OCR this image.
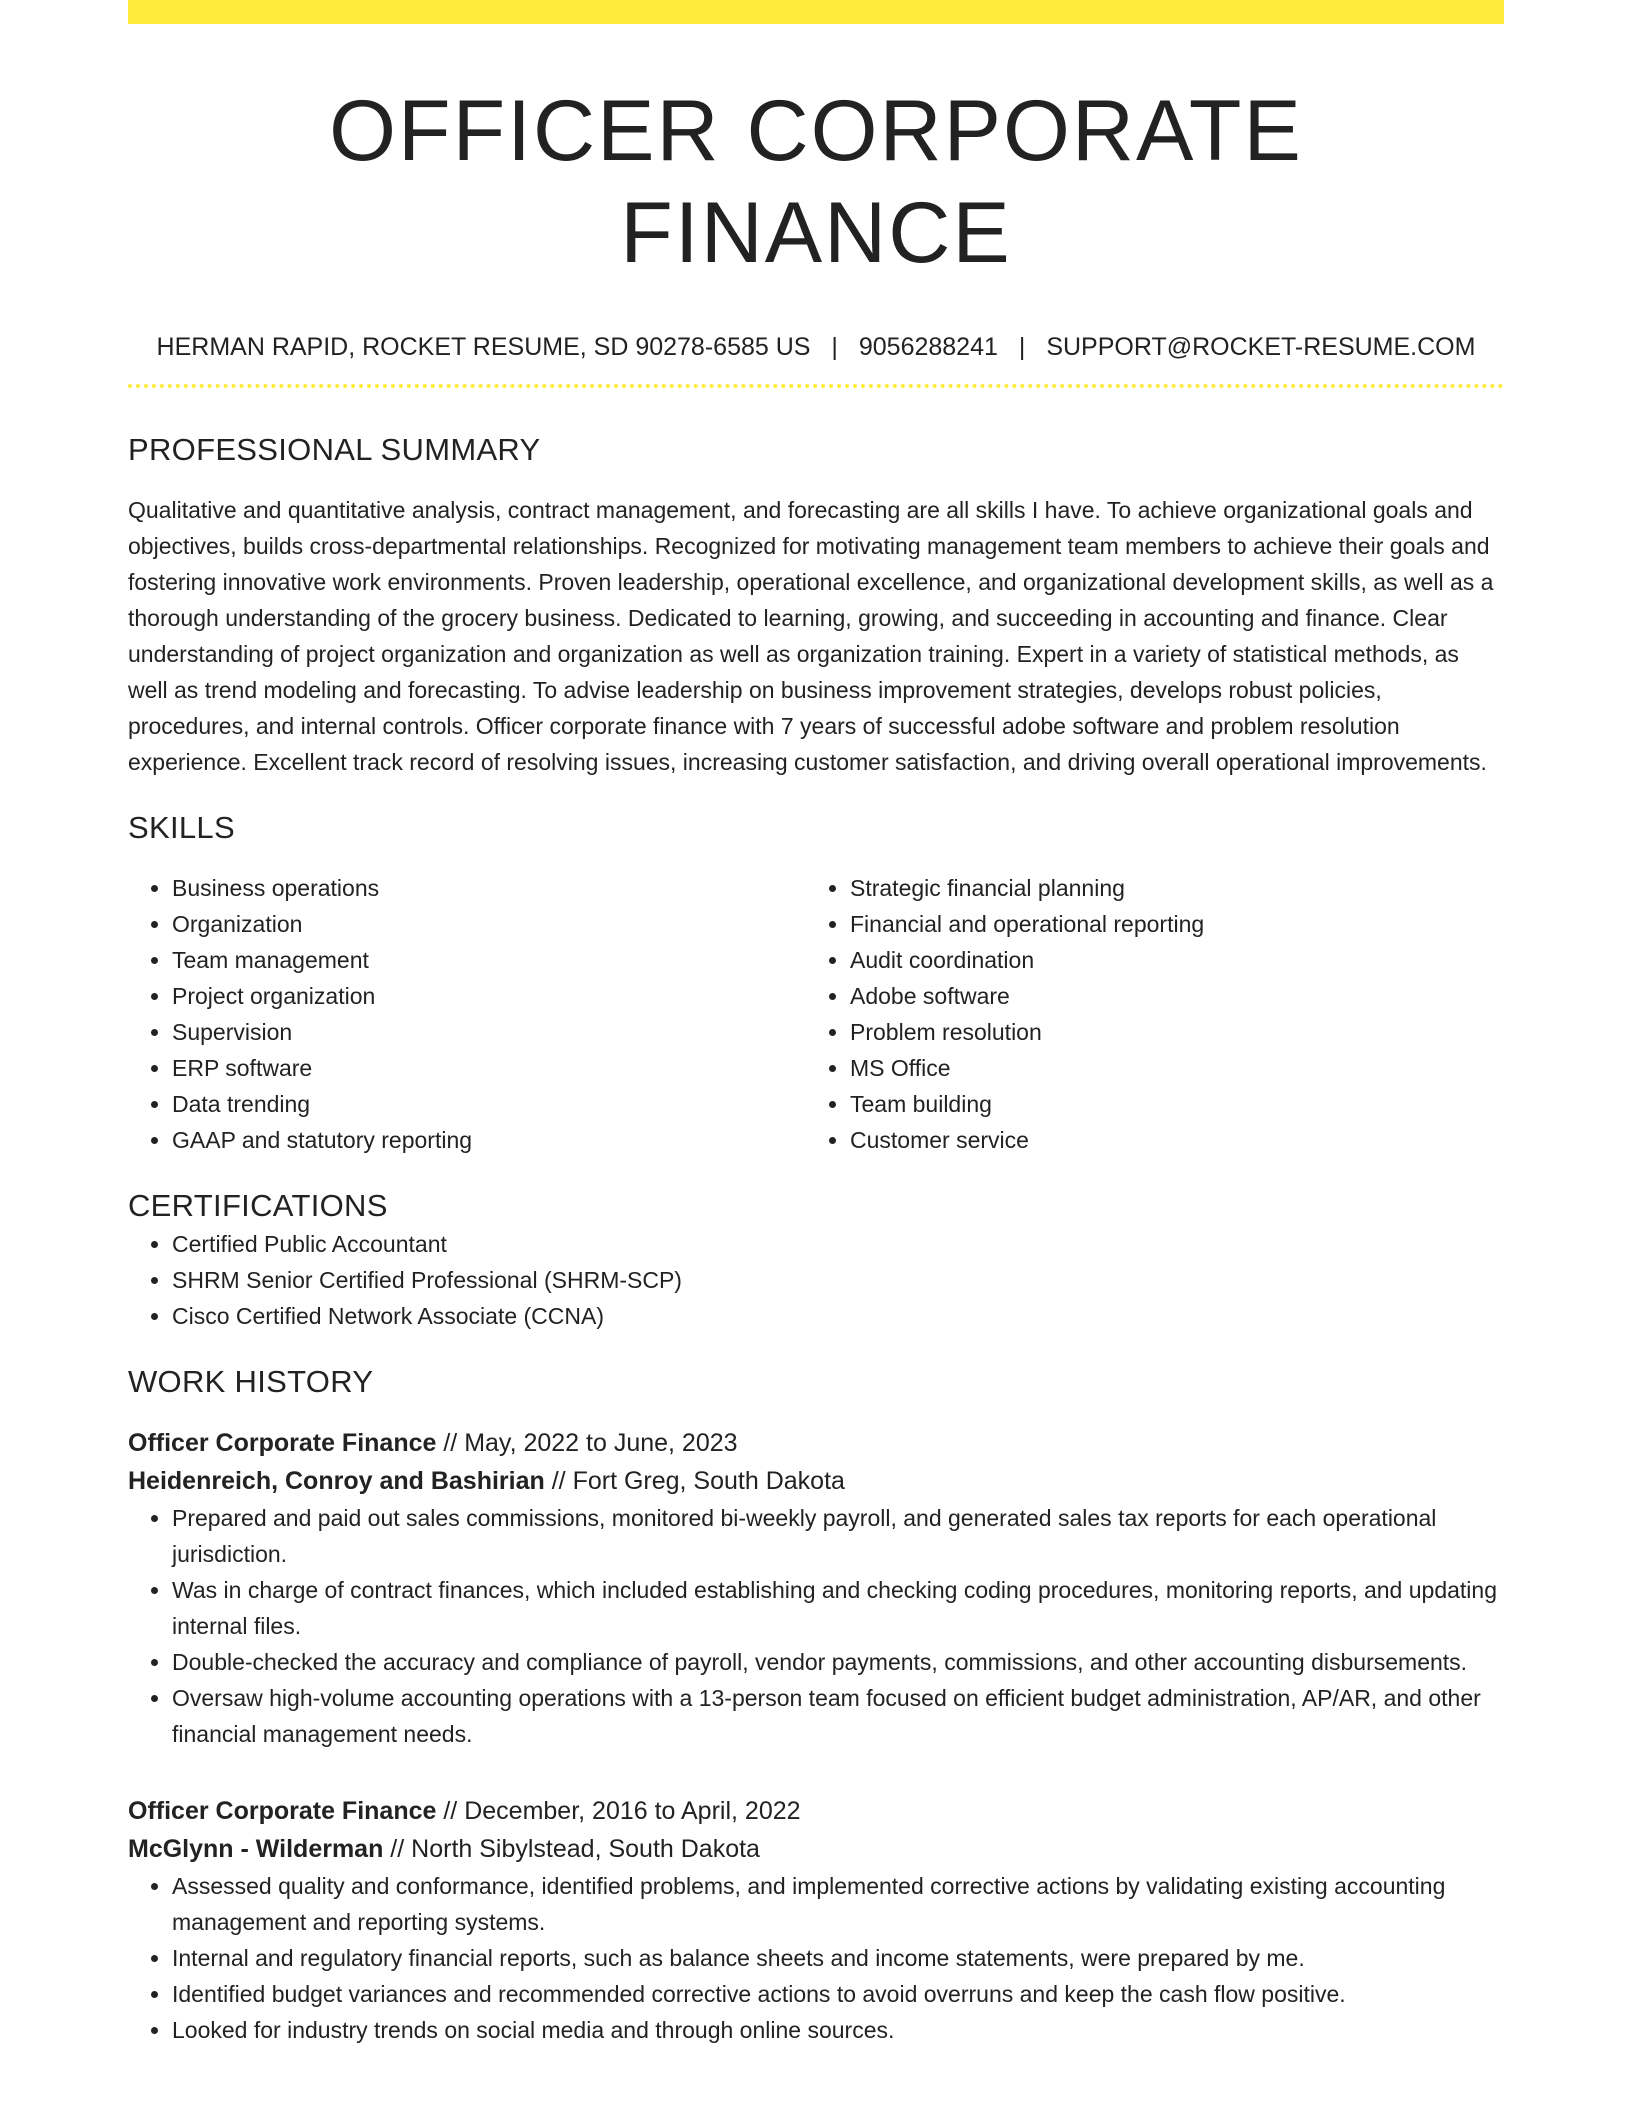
OFFICER CORPORATE FINANCE
HERMAN RAPID, ROCKET RESUME, SD 90278-6585 US | 9056288241 | SUPPORT@ROCKET-RESUME.COM
PROFESSIONAL SUMMARY

Qualitative and quantitative analysis, contract management, and forecasting are all skills I have. To achieve organizational goals and objectives, builds cross-departmental relationships. Recognized for motivating management team members to achieve their goals and fostering innovative work environments. Proven leadership, operational excellence, and organizational development skills, as well as a thorough understanding of the grocery business. Dedicated to learning, growing, and succeeding in accounting and finance. Clear understanding of project organization and organization as well as organization training. Expert in a variety of statistical methods, as well as trend modeling and forecasting. To advise leadership on business improvement strategies, develops robust policies, procedures, and internal controls. Officer corporate finance with 7 years of successful adobe software and problem resolution experience. Excellent track record of resolving issues, increasing customer satisfaction, and driving overall operational improvements.

SKILLS
• Business operations
• Organization
• Team management
• Project organization
• Supervision
• ERP software
• Data trending
• GAAP and statutory reporting
• Strategic financial planning
• Financial and operational reporting
• Audit coordination
• Adobe software
• Problem resolution
• MS Office
• Team building
• Customer service
CERTIFICATIONS
• Certified Public Accountant
• SHRM Senior Certified Professional (SHRM-SCP)
• Cisco Certified Network Associate (CCNA)
WORK HISTORY
Officer Corporate Finance // May, 2022 to June, 2023
Heidenreich, Conroy and Bashirian // Fort Greg, South Dakota
• Prepared and paid out sales commissions, monitored bi-weekly payroll, and generated sales tax reports for each operational jurisdiction.
• Was in charge of contract finances, which included establishing and checking coding procedures, monitoring reports, and updating internal files.
• Double-checked the accuracy and compliance of payroll, vendor payments, commissions, and other accounting disbursements.
• Oversaw high-volume accounting operations with a 13-person team focused on efficient budget administration, AP/AR, and other financial management needs.
Officer Corporate Finance // December, 2016 to April, 2022
McGlynn - Wilderman // North Sibylstead, South Dakota
• Assessed quality and conformance, identified problems, and implemented corrective actions by validating existing accounting management and reporting systems.
• Internal and regulatory financial reports, such as balance sheets and income statements, were prepared by me.
• Identified budget variances and recommended corrective actions to avoid overruns and keep the cash flow positive.
• Looked for industry trends on social media and through online sources.
